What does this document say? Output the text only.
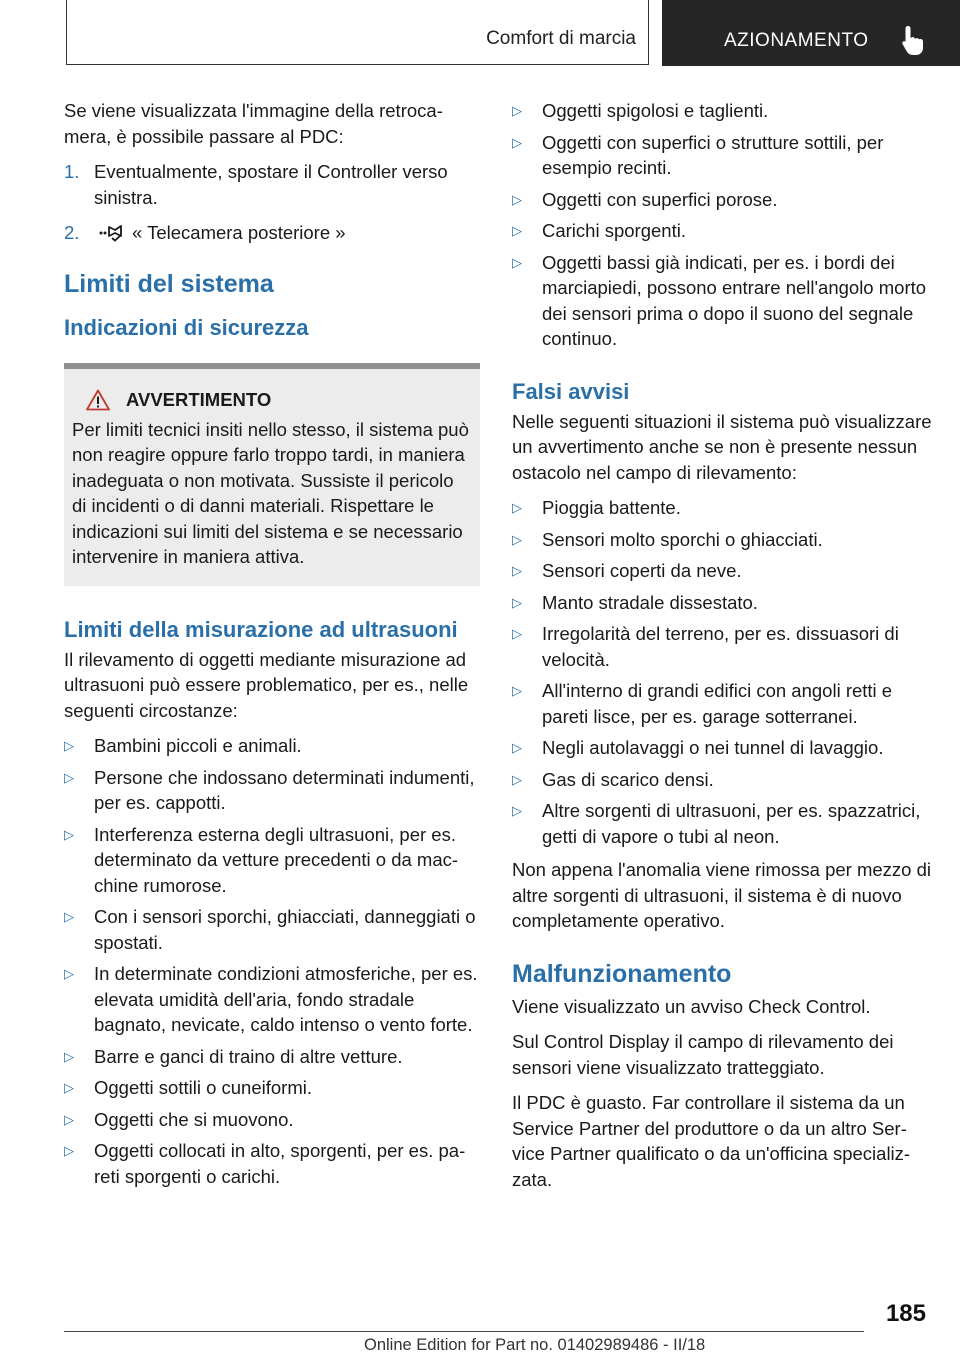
Comfort di marcia	AZIONAMENTO

Se viene visualizzata l'immagine della retrocamera, è possibile passare al PDC:

1. Eventualmente, spostare il Controller verso sinistra.
2.	« Telecamera posteriore »
Limiti del sistema
Indicazioni di sicurezza
AVVERTIMENTO
Per limiti tecnici insiti nello stesso, il sistema può non reagire oppure farlo troppo tardi, in maniera inadeguata o non motivata. Sussiste il pericolo di incidenti o di danni materiali. Rispettare le indicazioni sui limiti del sistema e se necessario intervenire in maniera attiva.
Limiti della misurazione ad ultrasuoni

Il rilevamento di oggetti mediante misurazione ad ultrasuoni può essere problematico, per es., nelle seguenti circostanze:

▷	Bambini piccoli e animali.
▷	Persone che indossano determinati indumenti, per es. cappotti.
▷	Interferenza esterna degli ultrasuoni, per es. determinato da vetture precedenti o da macchine rumorose.
▷	Con i sensori sporchi, ghiacciati, danneggiati o spostati.
▷	In determinate condizioni atmosferiche, per es. elevata umidità dell'aria, fondo stradale bagnato, nevicate, caldo intenso o vento forte.
▷	Barre e ganci di traino di altre vetture.
▷	Oggetti sottili o cuneiformi.
▷	Oggetti che si muovono.
▷	Oggetti collocati in alto, sporgenti, per es. pareti sporgenti o carichi.
▷	Oggetti spigolosi e taglienti.
▷	Oggetti con superfici o strutture sottili, per esempio recinti.
▷	Oggetti con superfici porose.
▷	Carichi sporgenti.
▷	Oggetti bassi già indicati, per es. i bordi dei marciapiedi, possono entrare nell'angolo morto dei sensori prima o dopo il suono del segnale continuo.
Falsi avvisi

Nelle seguenti situazioni il sistema può visualizzare un avvertimento anche se non è presente nessun ostacolo nel campo di rilevamento:

▷	Pioggia battente.
▷	Sensori molto sporchi o ghiacciati.
▷	Sensori coperti da neve.
▷	Manto stradale dissestato.
▷	Irregolarità del terreno, per es. dissuasori di velocità.
▷	All'interno di grandi edifici con angoli retti e pareti lisce, per es. garage sotterranei.
▷	Negli autolavaggi o nei tunnel di lavaggio.
▷	Gas di scarico densi.
▷	Altre sorgenti di ultrasuoni, per es. spazzatrici, getti di vapore o tubi al neon.

Non appena l'anomalia viene rimossa per mezzo di altre sorgenti di ultrasuoni, il sistema è di nuovo completamente operativo.

Malfunzionamento

Viene visualizzato un avviso Check Control.

Sul Control Display il campo di rilevamento dei sensori viene visualizzato tratteggiato.

Il PDC è guasto. Far controllare il sistema da un Service Partner del produttore o da un altro Service Partner qualificato o da un'officina specializzata.

185
Online Edition for Part no. 01402989486 - II/18
